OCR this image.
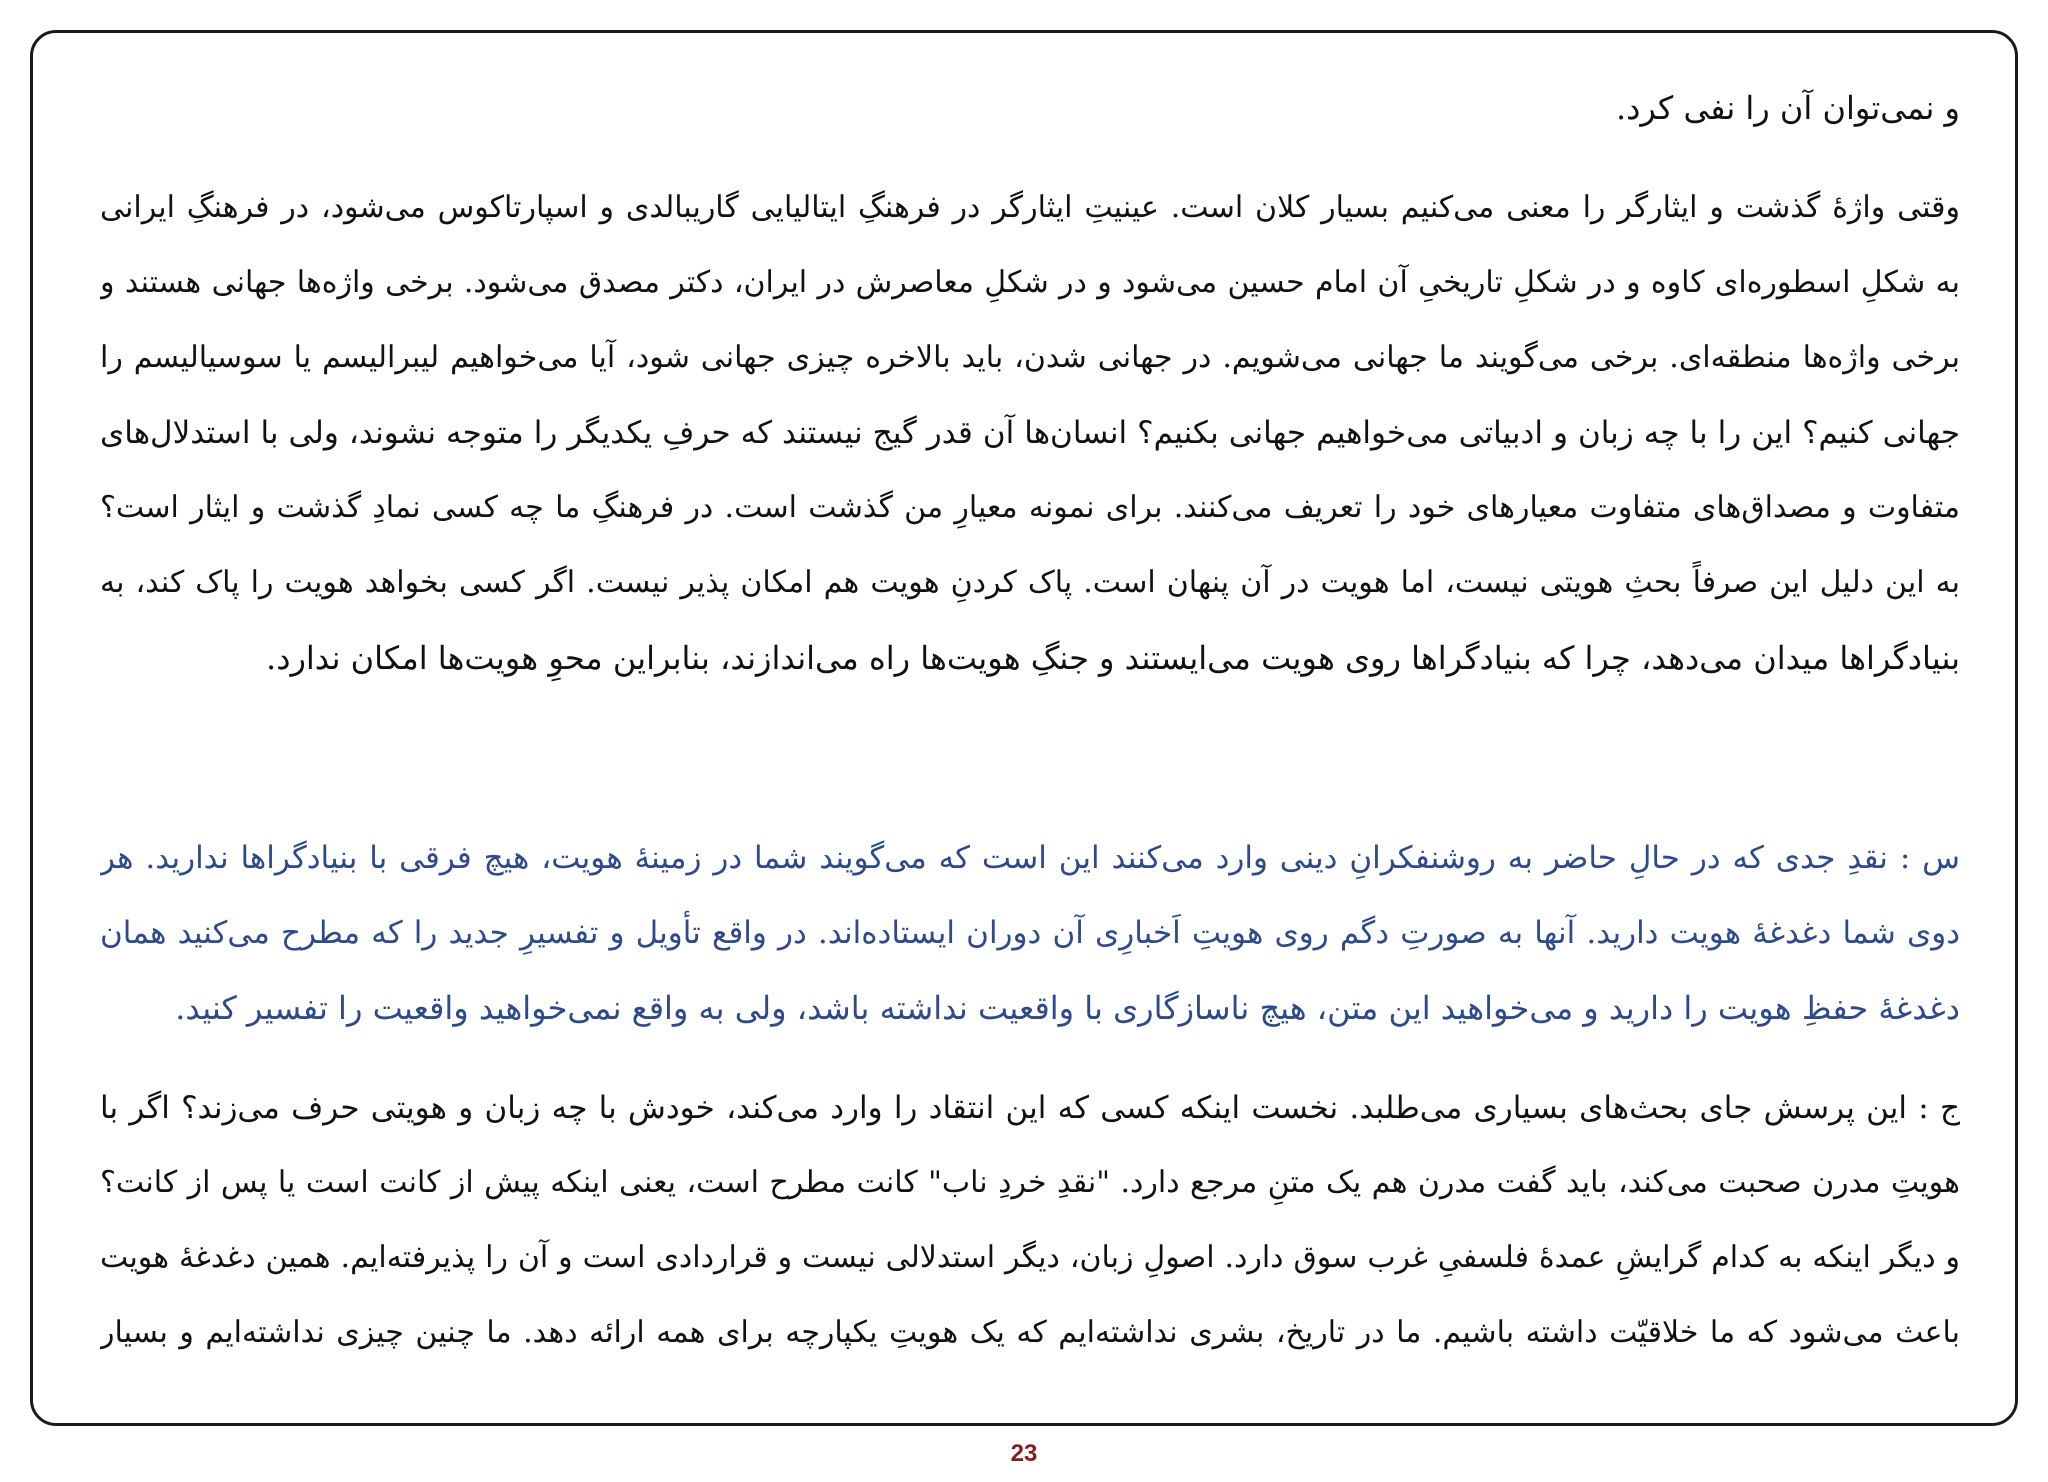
و نمی‌توان آن را نفی کرد.
وقتی واژهٔ گذشت و ایثارگر را معنی می‌کنیم بسیار کلان است. عینیتِ ایثارگر در فرهنگِ ایتالیایی گاریبالدی و اسپارتاکوس می‌شود، در فرهنگِ ایرانی
به شکلِ اسطوره‌ای کاوه و در شکلِ تاریخیِ آن امام حسین می‌شود و در شکلِ معاصرش در ایران، دکتر مصدق می‌شود. برخی واژه‌ها جهانی هستند و
برخی واژه‌ها منطقه‌ای. برخی می‌گویند ما جهانی می‌شویم. در جهانی شدن، باید بالاخره چیزی جهانی شود، آیا می‌خواهیم لیبرالیسم یا سوسیالیسم را
جهانی کنیم؟ این را با چه زبان و ادبیاتی می‌خواهیم جهانی بکنیم؟ انسان‌ها آن قدر گیج نیستند که حرفِ یکدیگر را متوجه نشوند، ولی با استدلال‌های
متفاوت و مصداق‌های متفاوت معیارهای خود را تعریف می‌کنند. برای نمونه معیارِ من گذشت است. در فرهنگِ ما چه کسی نمادِ گذشت و ایثار است؟
به این دلیل این صرفاً بحثِ هویتی نیست، اما هویت در آن پنهان است. پاک کردنِ هویت هم امکان پذیر نیست. اگر کسی بخواهد هویت را پاک کند، به
بنیادگراها میدان می‌دهد، چرا که بنیادگراها روی هویت می‌ایستند و جنگِ هویت‌ها راه می‌اندازند، بنابراین محوِ هویت‌ها امکان ندارد.
س : نقدِ جدی که در حالِ حاضر به روشنفکرانِ دینی وارد می‌کنند این است که می‌گویند شما در زمینهٔ هویت، هیچ فرقی با بنیادگراها ندارید. هر
دوی شما دغدغهٔ هویت دارید. آنها به صورتِ دگم روی هویتِ اَخبارِی آن دوران ایستاده‌اند. در واقع تأویل و تفسیرِ جدید را که مطرح می‌کنید همان
دغدغهٔ حفظِ هویت را دارید و می‌خواهید این متن، هیچ ناسازگاری با واقعیت نداشته باشد، ولی به واقع نمی‌خواهید واقعیت را تفسیر کنید.
ج : این پرسش جای بحث‌های بسیاری می‌طلبد. نخست اینکه کسی که این انتقاد را وارد می‌کند، خودش با چه زبان و هویتی حرف می‌زند؟ اگر با
هویتِ مدرن صحبت می‌کند، باید گفت مدرن هم یک متنِ مرجع دارد. "نقدِ خردِ ناب" کانت مطرح است، یعنی اینکه پیش از کانت است یا پس از کانت؟
و دیگر اینکه به کدام گرایشِ عمدهٔ فلسفیِ غرب سوق دارد. اصولِ زبان، دیگر استدلالی نیست و قراردادی است و آن را پذیرفته‌ایم. همین دغدغهٔ هویت
باعث می‌شود که ما خلاقیّت داشته باشیم. ما در تاریخ، بشری نداشته‌ایم که یک هویتِ یکپارچه برای همه ارائه دهد. ما چنین چیزی نداشته‌ایم و بسیار
23
